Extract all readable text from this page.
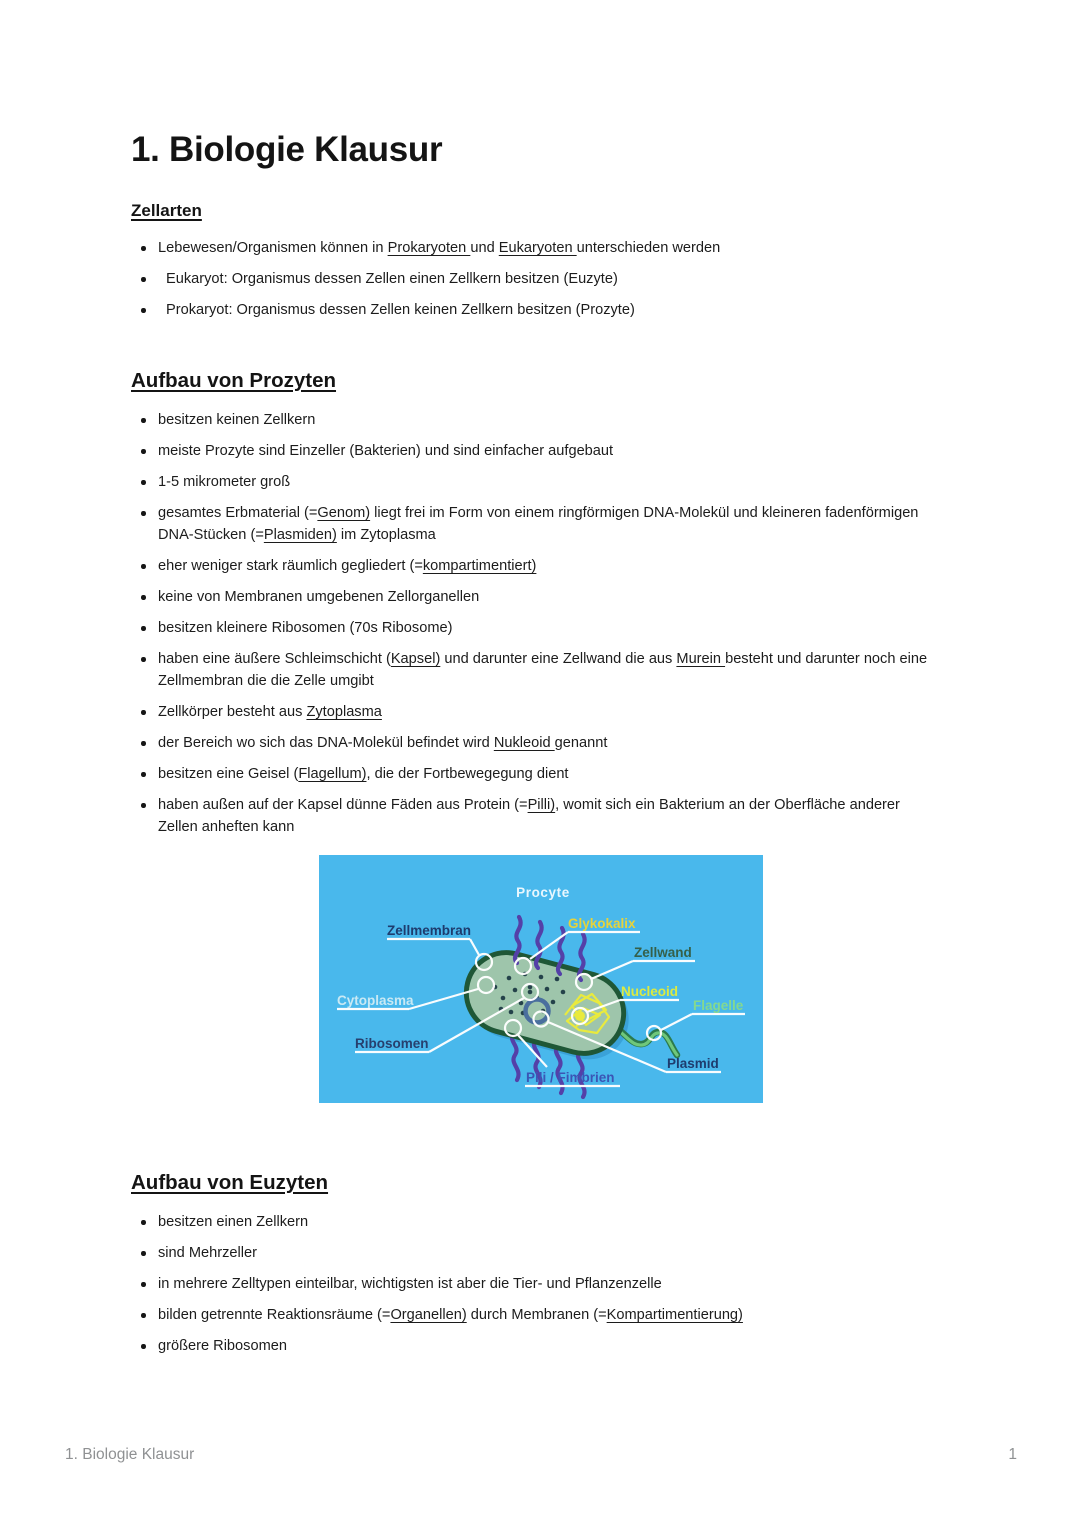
1. Biologie Klausur
Zellarten
Lebewesen/Organismen können in Prokaryoten und Eukaryoten unterschieden werden
Eukaryot: Organismus dessen Zellen einen Zellkern besitzen (Euzyte)
Prokaryot: Organismus dessen Zellen keinen Zellkern besitzen (Prozyte)
Aufbau von Prozyten
besitzen keinen Zellkern
meiste Prozyte sind Einzeller (Bakterien) und sind einfacher aufgebaut
1-5 mikrometer groß
gesamtes Erbmaterial (=Genom) liegt frei im Form von einem ringförmigen DNA-Molekül und kleineren fadenförmigen
DNA-Stücken (=Plasmiden) im Zytoplasma
eher weniger stark räumlich gegliedert (=kompartimentiert)
keine von Membranen umgebenen Zellorganellen
besitzen kleinere Ribosomen (70s Ribosome)
haben eine äußere Schleimschicht (Kapsel) und darunter eine Zellwand die aus Murein besteht und darunter noch eine
Zellmembran die die Zelle umgibt
Zellkörper besteht aus Zytoplasma
der Bereich wo sich das DNA-Molekül befindet wird Nukleoid genannt
besitzen eine Geisel (Flagellum), die der Fortbewegegung dient
haben außen auf der Kapsel dünne Fäden aus Protein (=Pilli), womit sich ein Bakterium an der Oberfläche anderer
Zellen anheften kann
Procyte
Zellmembran	Glykokalix
Zellwand
Cytoplasma
Nucleoid
Flagelle
Ribosomen
Plasmid
Pili / Fimbrien
Aufbau von Euzyten
besitzen einen Zellkern
sind Mehrzeller
in mehrere Zelltypen einteilbar, wichtigsten ist aber die Tier- und Pflanzenzelle
bilden getrennte Reaktionsräume (=Organellen) durch Membranen (=Kompartimentierung)
größere Ribosomen
1. Biologie Klausur	1
